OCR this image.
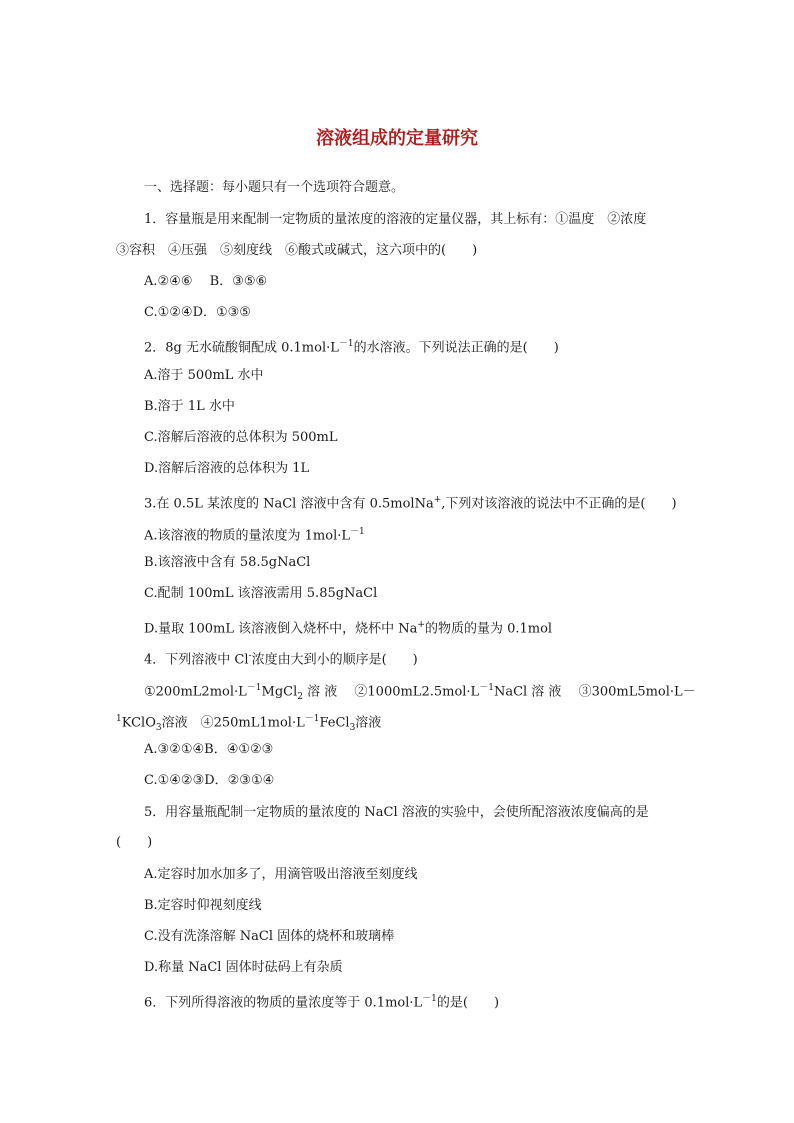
溶液组成的定量研究
一、选择题：每小题只有一个选项符合题意。
1．容量瓶是用来配制一定物质的量浓度的溶液的定量仪器，其上标有：①温度　②浓度
③容积　④压强　⑤刻度线　⑥酸式或碱式，这六项中的(　　)
A.②④⑥　 B．③⑤⑥
C.①②④D．①③⑤
2．8g 无水硫酸铜配成 $0.1mol\cdot L^{-1}$的水溶液。下列说法正确的是(　　)
A.溶于 500mL 水中
B.溶于 1L 水中
C.溶解后溶液的总体积为 500mL
D.溶解后溶液的总体积为 1L
3.在 0.5L 某浓度的 NaCl 溶液中含有 0.5molNa+,下列对该溶液的说法中不正确的是(　　)
A.该溶液的物质的量浓度为 $1mol\cdot L^{-1}$
B.该溶液中含有 58.5gNaCl
C.配制 100mL 该溶液需用 5.85gNaCl
D.量取 100mL 该溶液倒入烧杯中，烧杯中 Na+的物质的量为 0.1mol
4．下列溶液中 Cl-浓度由大到小的顺序是(　　)
$①200mL2mol\cdot L^{-1}MgCl_2$ 溶 液　 $②1000mL2.5mol\cdot L^{-1}NaCl$ 溶 液　 ③300mL5mol·L－
$^1$KClO$_3$溶液　$④250mL1mol\cdot L^{-1}FeCl_3$溶液
A.③②①④B．④①②③
C.①④②③D．②③①④
5．用容量瓶配制一定物质的量浓度的 NaCl 溶液的实验中，会使所配溶液浓度偏高的是
(　　)
A.定容时加水加多了，用滴管吸出溶液至刻度线
B.定容时仰视刻度线
C.没有洗涤溶解 NaCl 固体的烧杯和玻璃棒
D.称量 NaCl 固体时砝码上有杂质
6．下列所得溶液的物质的量浓度等于 $0.1mol\cdot L^{-1}$的是(　　)
